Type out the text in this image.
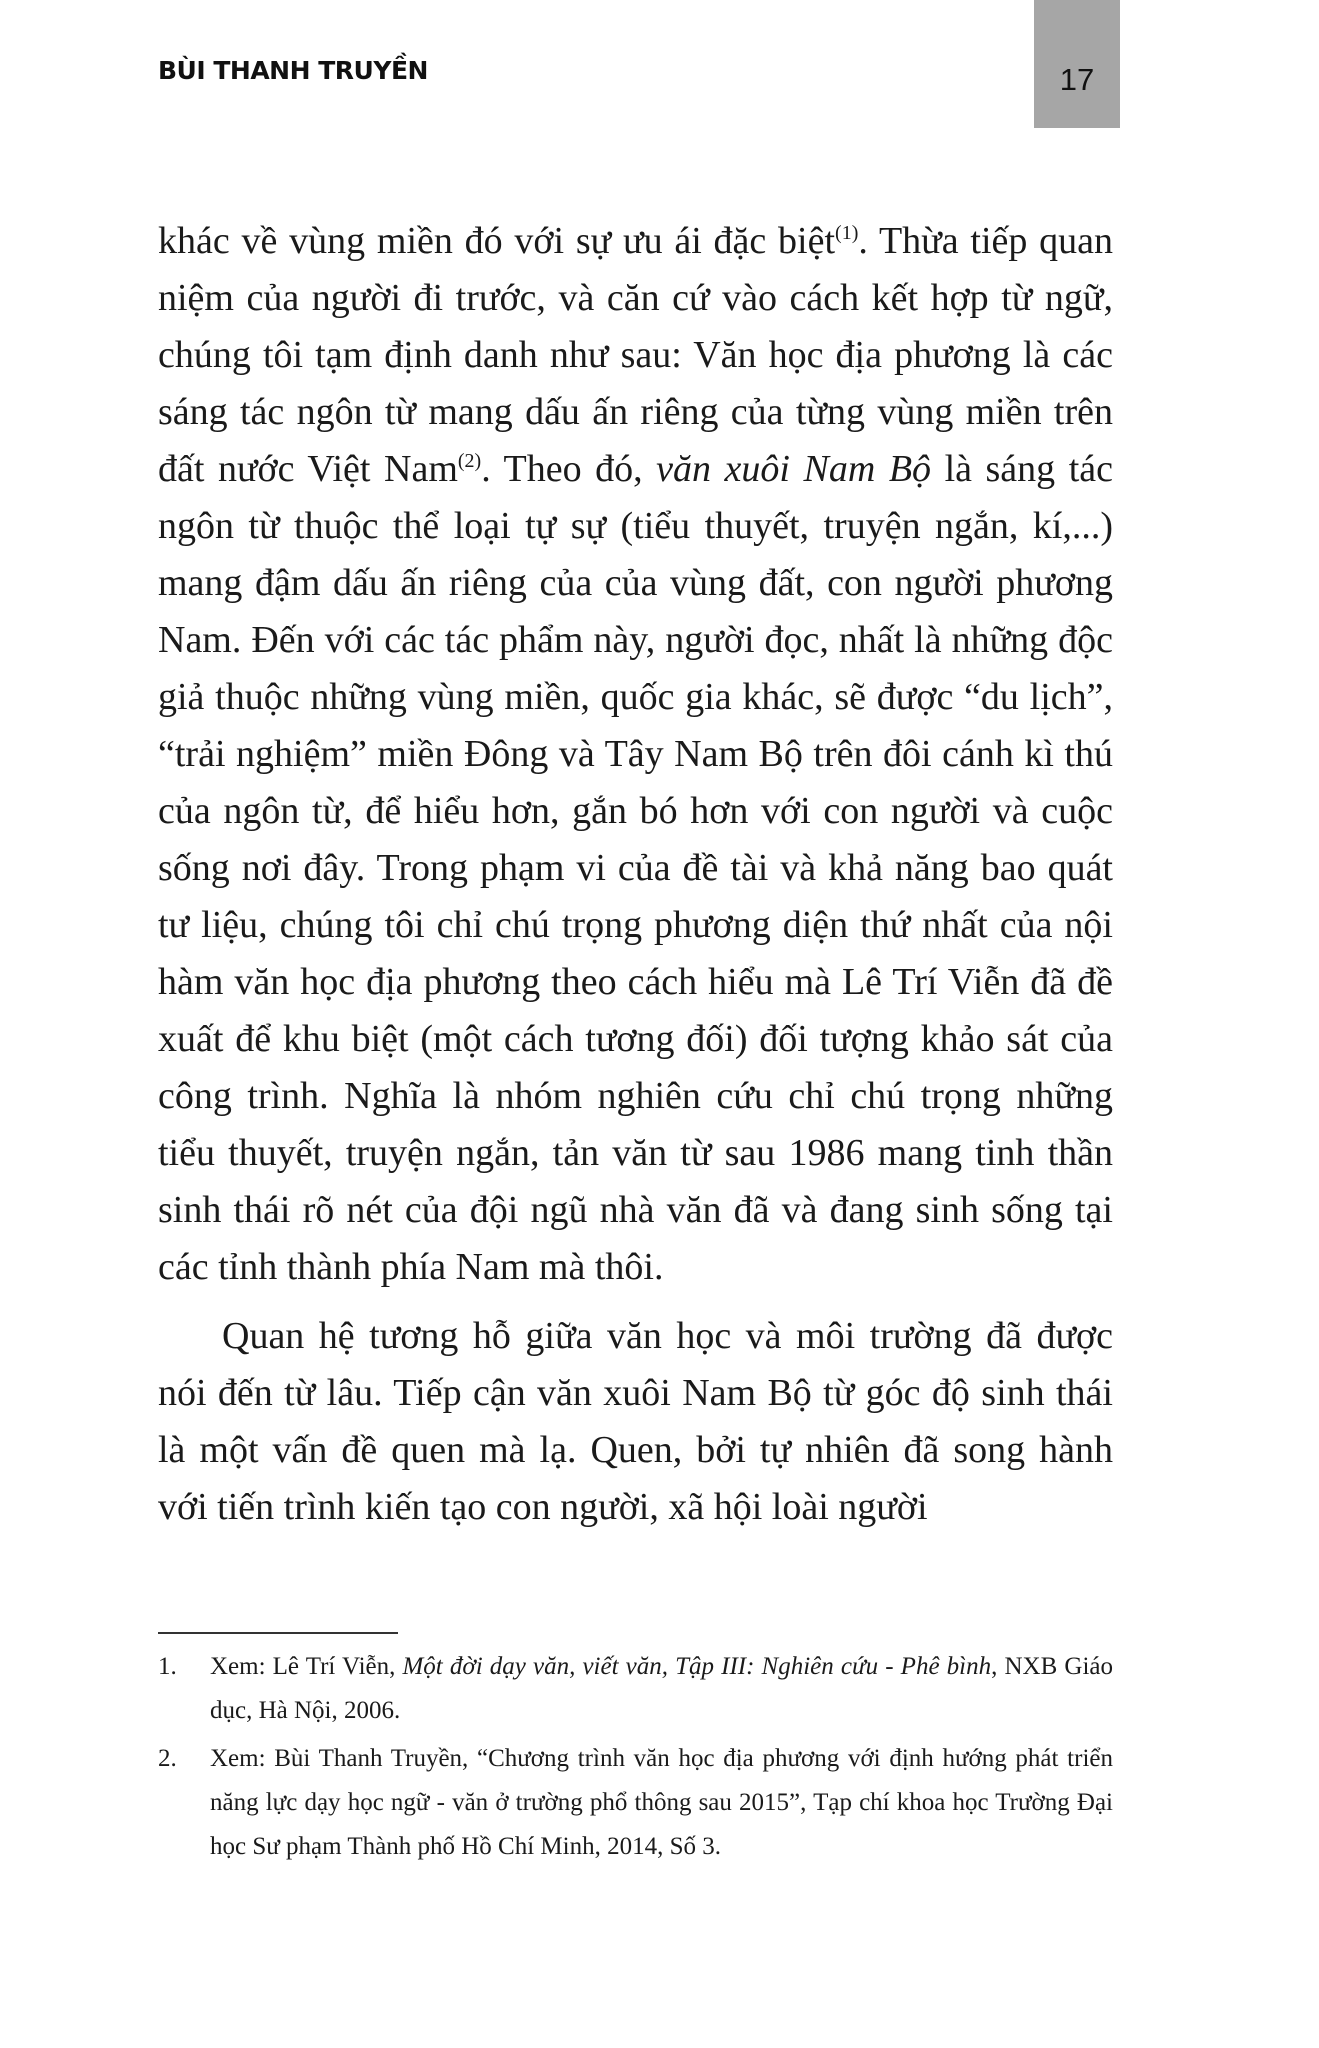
17
BÙI THANH TRUYỀN

khác về vùng miền đó với sự ưu ái đặc biệt$^{(1)}$. Thừa tiếp quan niệm của người đi trước, và căn cứ vào cách kết hợp từ ngữ, chúng tôi tạm định danh như sau: Văn học địa phương là các sáng tác ngôn từ mang dấu ấn riêng của từng vùng miền trên đất nước Việt Nam$^{(2)}$. Theo đó, văn xuôi Nam Bộ là sáng tác ngôn từ thuộc thể loại tự sự (tiểu thuyết, truyện ngắn, kí,...) mang đậm dấu ấn riêng của của vùng đất, con người phương Nam. Đến với các tác phẩm này, người đọc, nhất là những độc giả thuộc những vùng miền, quốc gia khác, sẽ được “du lịch”, “trải nghiệm” miền Đông và Tây Nam Bộ trên đôi cánh kì thú của ngôn từ, để hiểu hơn, gắn bó hơn với con người và cuộc sống nơi đây. Trong phạm vi của đề tài và khả năng bao quát tư liệu, chúng tôi chỉ chú trọng phương diện thứ nhất của nội hàm văn học địa phương theo cách hiểu mà Lê Trí Viễn đã đề xuất để khu biệt (một cách tương đối) đối tượng khảo sát của công trình. Nghĩa là nhóm nghiên cứu chỉ chú trọng những tiểu thuyết, truyện ngắn, tản văn từ sau 1986 mang tinh thần sinh thái rõ nét của đội ngũ nhà văn đã và đang sinh sống tại các tỉnh thành phía Nam mà thôi.

Quan hệ tương hỗ giữa văn học và môi trường đã được nói đến từ lâu. Tiếp cận văn xuôi Nam Bộ từ góc độ sinh thái là một vấn đề quen mà lạ. Quen, bởi tự nhiên đã song hành với tiến trình kiến tạo con người, xã hội loài người

1.	Xem: Lê Trí Viễn, Một đời dạy văn, viết văn, Tập III: Nghiên cứu - Phê bình, NXB Giáo dục, Hà Nội, 2006.
2.	Xem: Bùi Thanh Truyền, “Chương trình văn học địa phương với định hướng phát triển năng lực dạy học ngữ - văn ở trường phổ thông sau 2015”, Tạp chí khoa học Trường Đại học Sư phạm Thành phố Hồ Chí Minh, 2014, Số 3.
